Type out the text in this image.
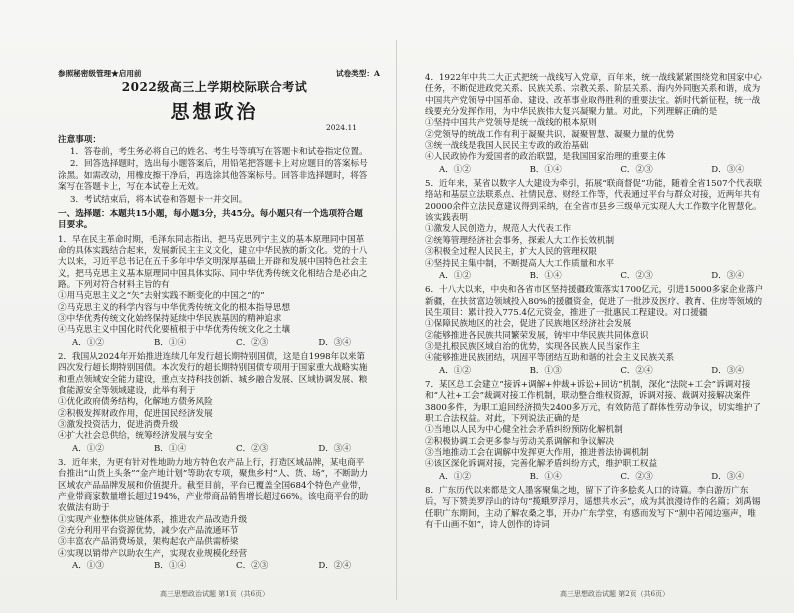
参照秘密级管理★启用前	试卷类型：A
2022级高三上学期校际联合考试
思想政治
2024.11
注意事项：

1．答卷前，考生务必将自己的姓名、考生号等填写在答题卡和试卷指定位置。

2．回答选择题时，选出每小题答案后，用铅笔把答题卡上对应题目的答案标号涂黑。如需改动，用橡皮擦干净后，再选涂其他答案标号。回答非选择题时，将答案写在答题卡上，写在本试卷上无效。

3．考试结束后，将本试卷和答题卡一并交回。

一、选择题：本题共15小题，每小题3分，共45分。每小题只有一个选项符合题目要求。

1．早在民主革命时期，毛泽东同志指出，把马克思列宁主义的基本原理同中国革命的具体实践结合起来，发展新民主主义文化，建立中华民族的新文化。党的十八大以来，习近平总书记在五千多年中华文明深厚基础上开辟和发展中国特色社会主义，把马克思主义基本原理同中国具体实际、同中华优秀传统文化相结合是必由之路。下列对符合材料主旨的有

①用马克思主义之“矢”去射实践不断变化的中国之“的”

②马克思主义的科学内容与中华优秀传统文化的根本指导思想

③中华优秀传统文化始终保持延续中华民族基因的精神追求

④马克思主义中国化时代化要植根于中华优秀传统文化之土壤

A．①②	B．①④	C．②③	D．③④

2．我国从2024年开始推进连续几年发行超长期特别国债，这是自1998年以来第四次发行超长期特别国债。本次发行的超长期特别国债专项用于国家重大战略实施和重点领域安全能力建设，重点支持科技创新、城乡融合发展、区域协调发展、粮食能源安全等领域建设，此举有利于

①优化政府债务结构，化解地方债务风险

②积极发挥财政作用，促进国民经济发展

③激发投资活力，促进消费升级

④扩大社会总供给，统筹经济发展与安全

A．①②	B．①④	C．②③	D．③④

3．近年来，为更有针对性地助力地方特色农产品上行，打造区域品牌，某电商平台推出“山货上头条”“金产地计划”等助农专项，聚焦乡村“人、货、场”，不断助力区域农产品品牌发展和价值提升。截至目前，平台已覆盖全国684个特色产业带，产业带商家数量增长超过194%，产业带商品销售增长超过66%。该电商平台的助农做法有助于

①实现产业整体供应链体系，推进农产品改造升级

②充分利用平台资源优势，减少农产品流通环节

③丰富农产品消费场景，架构起农产品供需桥梁

④实现以销带产以助农生产，实现农业规模化经营

A．①③	B．①④	C．②③	D．②④

4．1922年中共二大正式把统一战线写入党章，百年来，统一战线紧紧围绕党和国家中心任务，不断促进政党关系、民族关系、宗教关系、阶层关系、海内外同胞关系和谐，成为中国共产党领导中国革命、建设、改革事业取得胜利的重要法宝。新时代新征程，统一战线要充分发挥作用，为中华民族伟大复兴凝聚力量。对此，下列理解正确的是

①坚持中国共产党领导是统一战线的根本原则

②党领导的统战工作有利于凝聚共识、凝聚智慧、凝聚力量的优势

③统一战线是我国人民民主专政的政治基础

④人民政协作为爱国者的政治联盟，是我国国家治理的重要主体

A．①②	B．①④	C．②③	D．③④

5．近年来，某省以数字人大建设为牵引，拓展“联商督促”功能，随着全省1507个代表联络站和基层立法联系点、社情民意、财经工作等，代表通过平台与群众对接，近两年共有20000余件立法民意建议得到采纳，在全省市县乡三级单元实现人大工作数字化智慧化。该实践表明

①激发人民创造力，规范人大代表工作

②统筹管理经济社会事务，探索人大工作长效机制

③积极全过程人民民主，扩大人民的管理权限

④坚持民主集中制，不断提高人大工作质量和水平

A．①②	B．①④	C．②③	D．③④

6．十八大以来，中央和各省市区坚持援疆政策落实1700亿元，引进15000多家企业落户新疆，在扶贫富边领域投入80%的援疆资金，促进了一批涉及医疗、教育、住房等领域的民生项目：累计投入775.4亿元资金，推进了一批惠民工程建设。对口援疆

①保障民族地区的社会，促进了民族地区经济社会发展

②能够推进各民族共同繁荣发展，铸牢中华民族共同体意识

③是扎根民族区域自治的优势，实现各民族人民当家作主

④能够推进民族团结，巩固平等团结互助和谐的社会主义民族关系

A．①②	B．①③	C．②④	D．③④

7．某区总工会建立“接诉+调解+仲裁+诉讼+回访”机制，深化“法院+工会”诉调对接和“人社+工会”裁调对接工作机制，联动整合维权资源，诉调对接、裁调对接解决案件3800多件，为职工追回经济损失2400多万元，有效防范了群体性劳动争议，切实维护了职工合法权益。对此，下列说法正确的是

①当地以人民为中心健全社会矛盾纠纷预防化解机制

②积极协调工会更多参与劳动关系调解和争议解决

③当地推动工会在调解中发挥更大作用，推进普法协调机制

④该区深化诉调对接，完善化解矛盾纠纷方式，维护职工权益

A．①②	B．①④	C．②③	D．③④

8．广东历代以来都是文人墨客聚集之地，留下了许多脍炙人口的诗篇。李白游历广东后，写下赞美罗浮山的诗句“揽蛾罗浮月，遥想共水云”，成为其浪漫诗作的名篇；刘禹锡任职广东期间，主动了解农桑之事，开办广东学堂，有感而发写下“割中若闻边塞声，唯有千山画不如”，诗人创作的诗词

高三思想政治试题 第1页（共6页）	高三思想政治试题 第2页（共6页）
